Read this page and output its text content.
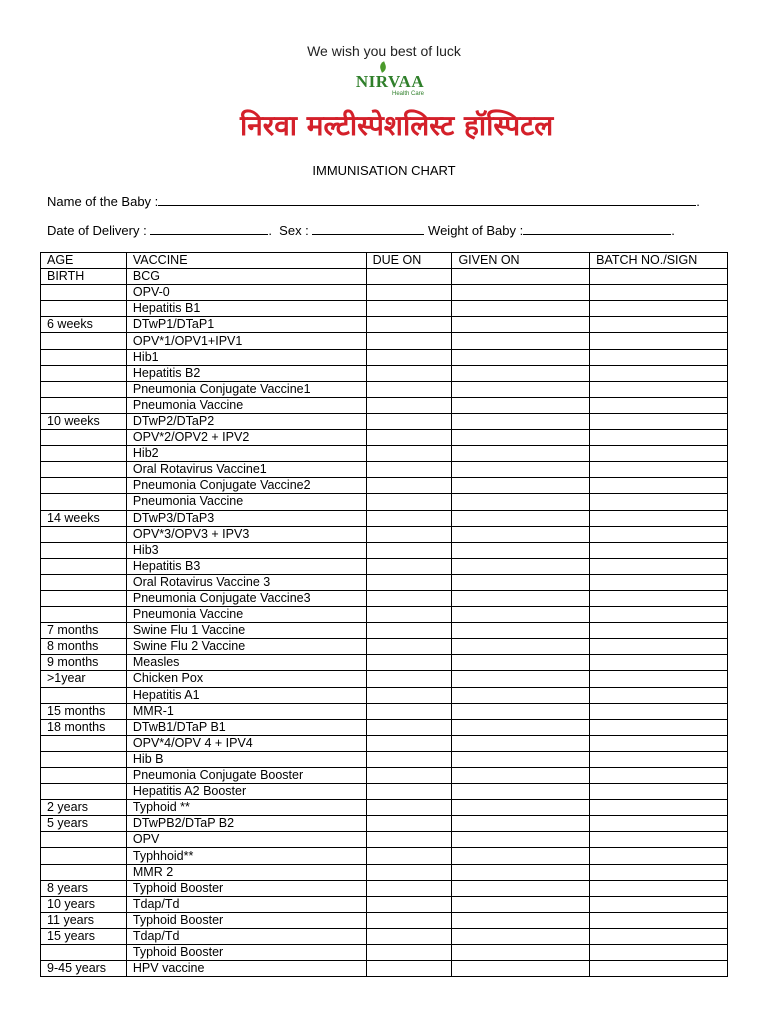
We wish you best of luck
NIRVAA
Health Care
निरवा मल्टीस्पेशलिस्ट हॉस्पिटल
IMMUNISATION CHART
Name of the Baby :	.
Date of Delivery :	.  Sex :	Weight of Baby :	.
AGE	VACCINE	DUE ON	GIVEN ON	BATCH NO./SIGN
BIRTH	BCG			
	OPV-0			
	Hepatitis B1			
6 weeks	DTwP1/DTaP1			
	OPV*1/OPV1+IPV1			
	Hib1			
	Hepatitis B2			
	Pneumonia Conjugate Vaccine1			
	Pneumonia Vaccine			
10 weeks	DTwP2/DTaP2			
	OPV*2/OPV2 + IPV2			
	Hib2			
	Oral Rotavirus Vaccine1			
	Pneumonia Conjugate Vaccine2			
	Pneumonia Vaccine			
14 weeks	DTwP3/DTaP3			
	OPV*3/OPV3 + IPV3			
	Hib3			
	Hepatitis B3			
	Oral Rotavirus Vaccine 3			
	Pneumonia Conjugate Vaccine3			
	Pneumonia Vaccine			
7 months	Swine Flu 1 Vaccine			
8 months	Swine Flu 2 Vaccine			
9 months	Measles			
>1year	Chicken Pox			
	Hepatitis A1			
15 months	MMR-1			
18 months	DTwB1/DTaP B1			
	OPV*4/OPV 4 + IPV4			
	Hib B			
	Pneumonia Conjugate Booster			
	Hepatitis A2 Booster			
2 years	Typhoid **			
5 years	DTwPB2/DTaP B2			
	OPV			
	Typhhoid**			
	MMR 2			
8 years	Typhoid Booster			
10 years	Tdap/Td			
11 years	Typhoid Booster			
15 years	Tdap/Td			
	Typhoid Booster			
9-45 years	HPV vaccine			
